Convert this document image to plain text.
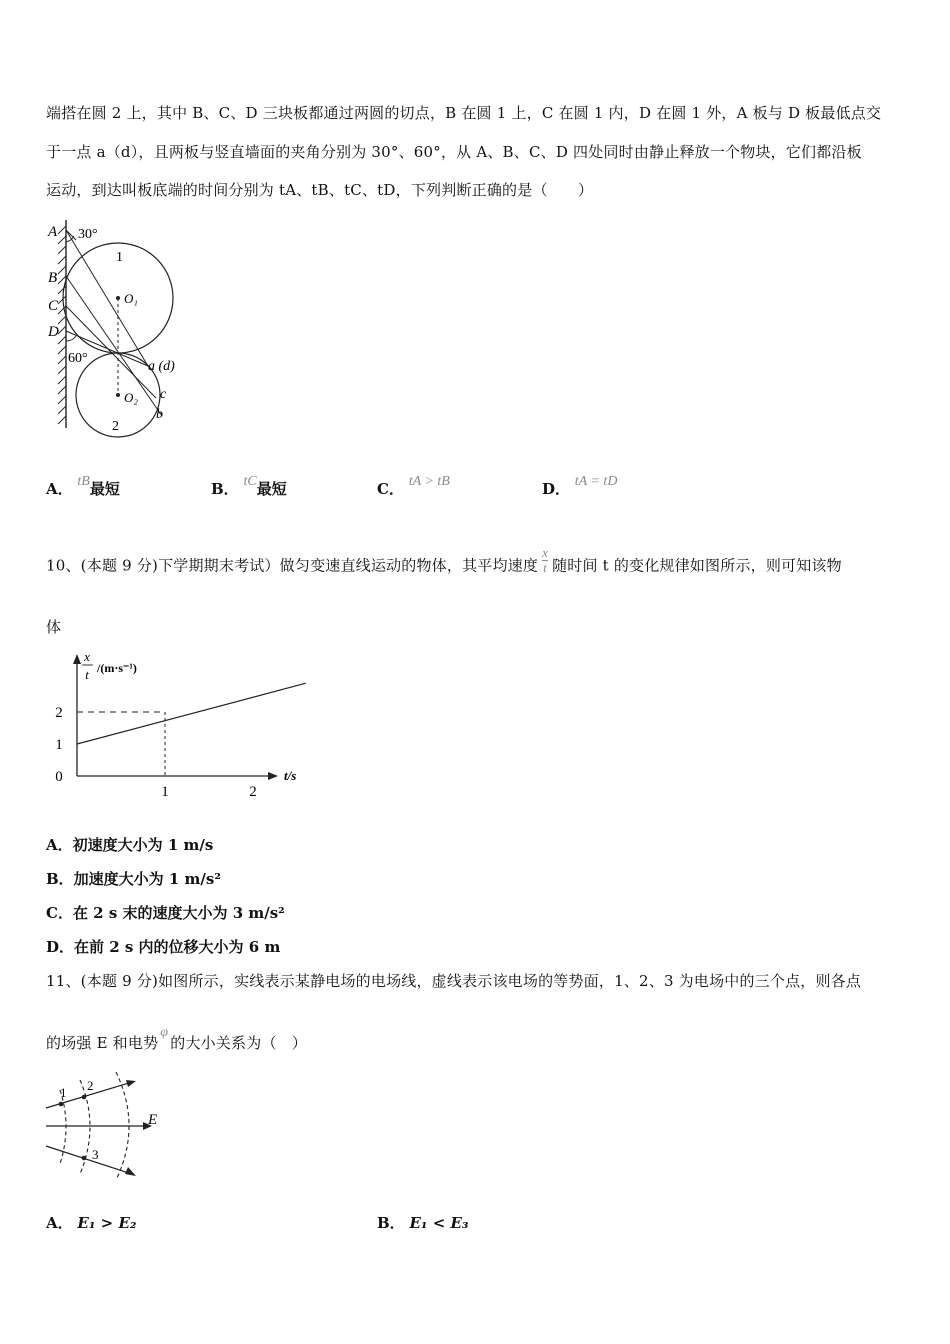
端搭在圆 2 上，其中 B、C、D 三块板都通过两圆的切点，B 在圆 1 上，C 在圆 1 内，D 在圆 1 外，A 板与 D 板最低点交
于一点 a（d），且两板与竖直墙面的夹角分别为 30°、60°，从 A、B、C、D 四处同时由静止释放一个物块，它们都沿板
运动，到达叫板底端的时间分别为 tA、tB、tC、tD，下列判断正确的是（　　）
A 30°
1
B
C	O₁
D
60°
a (d)
c
O₂
b
2
A． tB最短	B． tC最短	C． tA > tB	D． tA = tD
10、(本题 9 分)下学期期末考试）做匀变速直线运动的物体，其平均速度 $\frac{x}{t}$ 随时间 t 的变化规律如图所示，则可知该物
体
x
t /(m·s⁻¹)
t/s
0
1
2
1	2
A．初速度大小为 1 m/s
B．加速度大小为 1 m/s²
C．在 2 s 末的速度大小为 3 m/s²
D．在前 2 s 内的位移大小为 6 m
11、(本题 9 分)如图所示，实线表示某静电场的电场线，虚线表示该电场的等势面，1、2、3 为电场中的三个点，则各点
的场强 E 和电势φ的大小关系为（　）
1 2
3
E
A． E₁ > E₂	B． E₁ < E₃
